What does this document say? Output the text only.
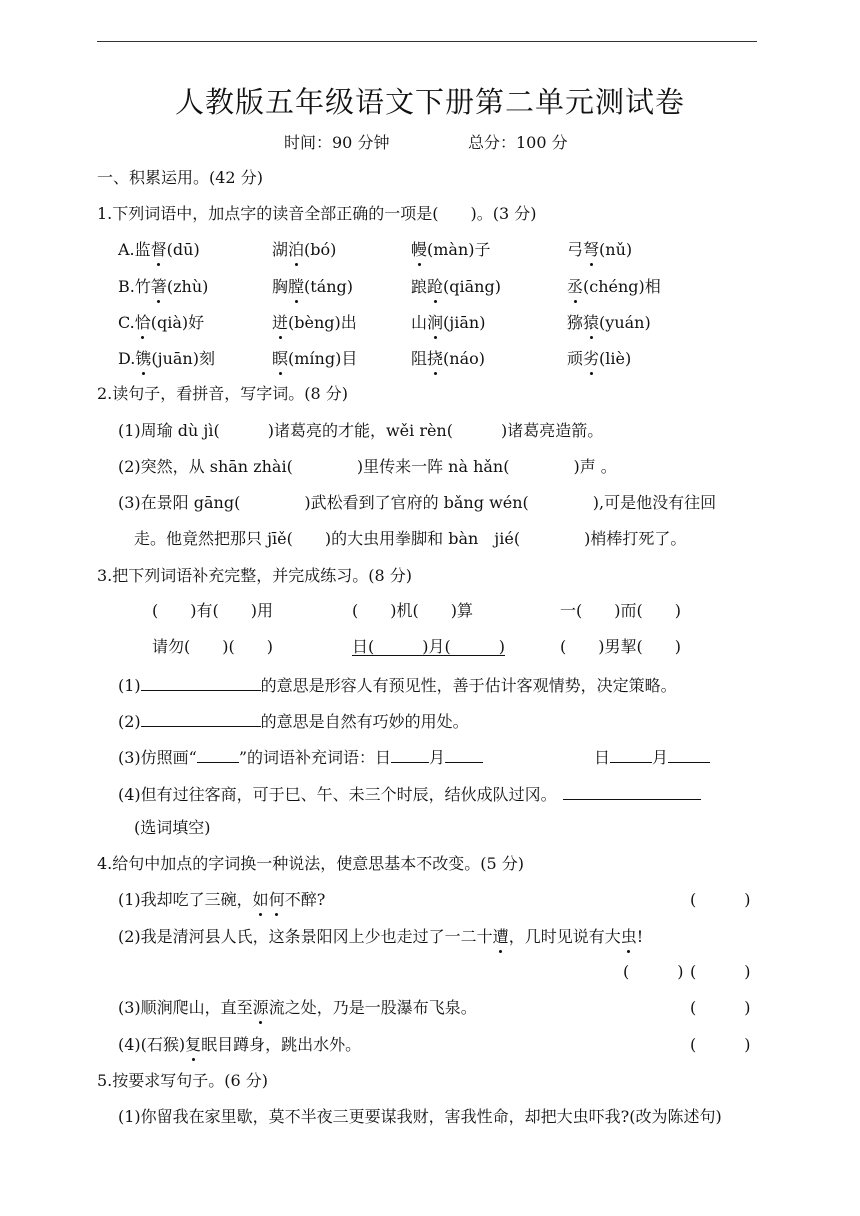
人教版五年级语文下册第二单元测试卷
时间：90 分钟	总分：100 分
一、积累运用。(42 分)
1.下列词语中，加点字的读音全部正确的一项是(　　)。(3 分)
A.监督(dū)	湖泊(bó)	幔(màn)子	弓弩(nǔ)
B.竹箸(zhù)	胸膛(táng)	踉跄(qiāng)	丞(chéng)相
C.恰(qià)好	迸(bèng)出	山涧(jiān)	猕猿(yuán)
D.镌(juān)刻	瞑(míng)目	阻挠(náo)	顽劣(liè)
2.读句子，看拼音，写字词。(8 分)
(1)周瑜 dù jì(　　　)诸葛亮的才能，wěi rèn(　　　)诸葛亮造箭。
(2)突然，从 shān zhài(　　　　)里传来一阵 nà hǎn(　　　　)声 。
(3)在景阳 gāng(　　　　)武松看到了官府的 bǎng wén(　　　　),可是他没有往回
走。他竟然把那只 jīě(　　)的大虫用拳脚和 bàn　jié(　　　　)梢棒打死了。
3.把下列词语补充完整，并完成练习。(8 分)
(　　)有(　　)用	(　　)机(　　)算	一(　　)而(　　)
请勿(　　)(　　)	日(　　　)月(　　　)	(　　)男挈(　　)
(1)	的意思是形容人有预见性，善于估计客观情势，决定策略。
(2)	的意思是自然有巧妙的用处。
(3)仿照画“	”的词语补充词语：日 月	日	月
(4)但有过往客商，可于巳、午、未三个时辰，结伙成队过冈。
(选词填空)
4.给句中加点的字词换一种说法，使意思基本不改变。(5 分)
(1)我却吃了三碗，如何不醉?	(　　　)
(2)我是清河县人氏，这条景阳冈上少也走过了一二十遭，几时见说有大虫!
(　　　) (　　　)
(3)顺涧爬山，直至源流之处，乃是一股瀑布飞泉。	(　　　)
(4)(石猴)复眠目蹲身，跳出水外。	(　　　)
5.按要求写句子。(6 分)
(1)你留我在家里歇，莫不半夜三更要谋我财，害我性命，却把大虫吓我?(改为陈述句)
